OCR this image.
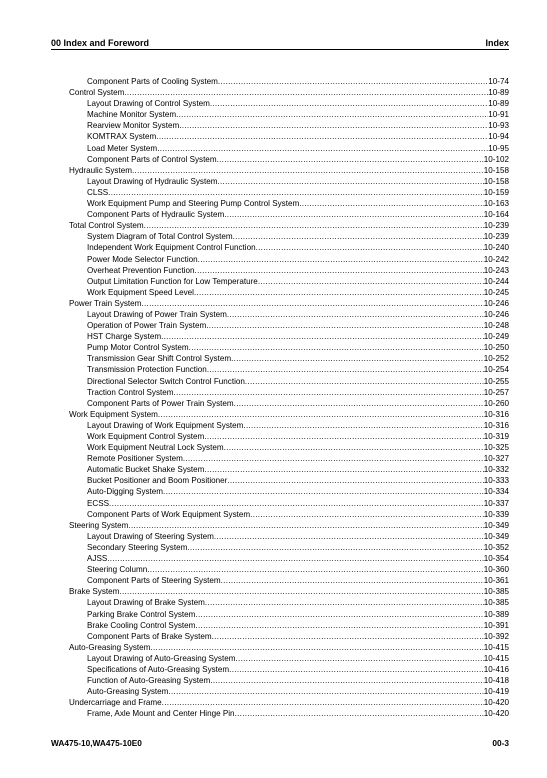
00 Index and Foreword	Index
Component Parts of Cooling System .....	10-74
Control System .....	10-89
Layout Drawing of Control System .....	10-89
Machine Monitor System .....	10-91
Rearview Monitor System .....	10-93
KOMTRAX System .....	10-94
Load Meter System .....	10-95
Component Parts of Control System .....	10-102
Hydraulic System .....	10-158
Layout Drawing of Hydraulic System .....	10-158
CLSS .....	10-159
Work Equipment Pump and Steering Pump Control System .....	10-163
Component Parts of Hydraulic System .....	10-164
Total Control System .....	10-239
System Diagram of Total Control System .....	10-239
Independent Work Equipment Control Function .....	10-240
Power Mode Selector Function .....	10-242
Overheat Prevention Function .....	10-243
Output Limitation Function for Low Temperature .....	10-244
Work Equipment Speed Level .....	10-245
Power Train System .....	10-246
Layout Drawing of Power Train System .....	10-246
Operation of Power Train System .....	10-248
HST Charge System .....	10-249
Pump Motor Control System .....	10-250
Transmission Gear Shift Control System .....	10-252
Transmission Protection Function .....	10-254
Directional Selector Switch Control Function .....	10-255
Traction Control System .....	10-257
Component Parts of Power Train System .....	10-260
Work Equipment System .....	10-316
Layout Drawing of Work Equipment System .....	10-316
Work Equipment Control System .....	10-319
Work Equipment Neutral Lock System .....	10-325
Remote Positioner System .....	10-327
Automatic Bucket Shake System .....	10-332
Bucket Positioner and Boom Positioner .....	10-333
Auto-Digging System .....	10-334
ECSS .....	10-337
Component Parts of Work Equipment System .....	10-339
Steering System .....	10-349
Layout Drawing of Steering System .....	10-349
Secondary Steering System .....	10-352
AJSS .....	10-354
Steering Column .....	10-360
Component Parts of Steering System .....	10-361
Brake System .....	10-385
Layout Drawing of Brake System .....	10-385
Parking Brake Control System .....	10-389
Brake Cooling Control System .....	10-391
Component Parts of Brake System .....	10-392
Auto-Greasing System .....	10-415
Layout Drawing of Auto-Greasing System .....	10-415
Specifications of Auto-Greasing System .....	10-416
Function of Auto-Greasing System .....	10-418
Auto-Greasing System .....	10-419
Undercarriage and Frame .....	10-420
Frame, Axle Mount and Center Hinge Pin .....	10-420
WA475-10,WA475-10E0	00-3
